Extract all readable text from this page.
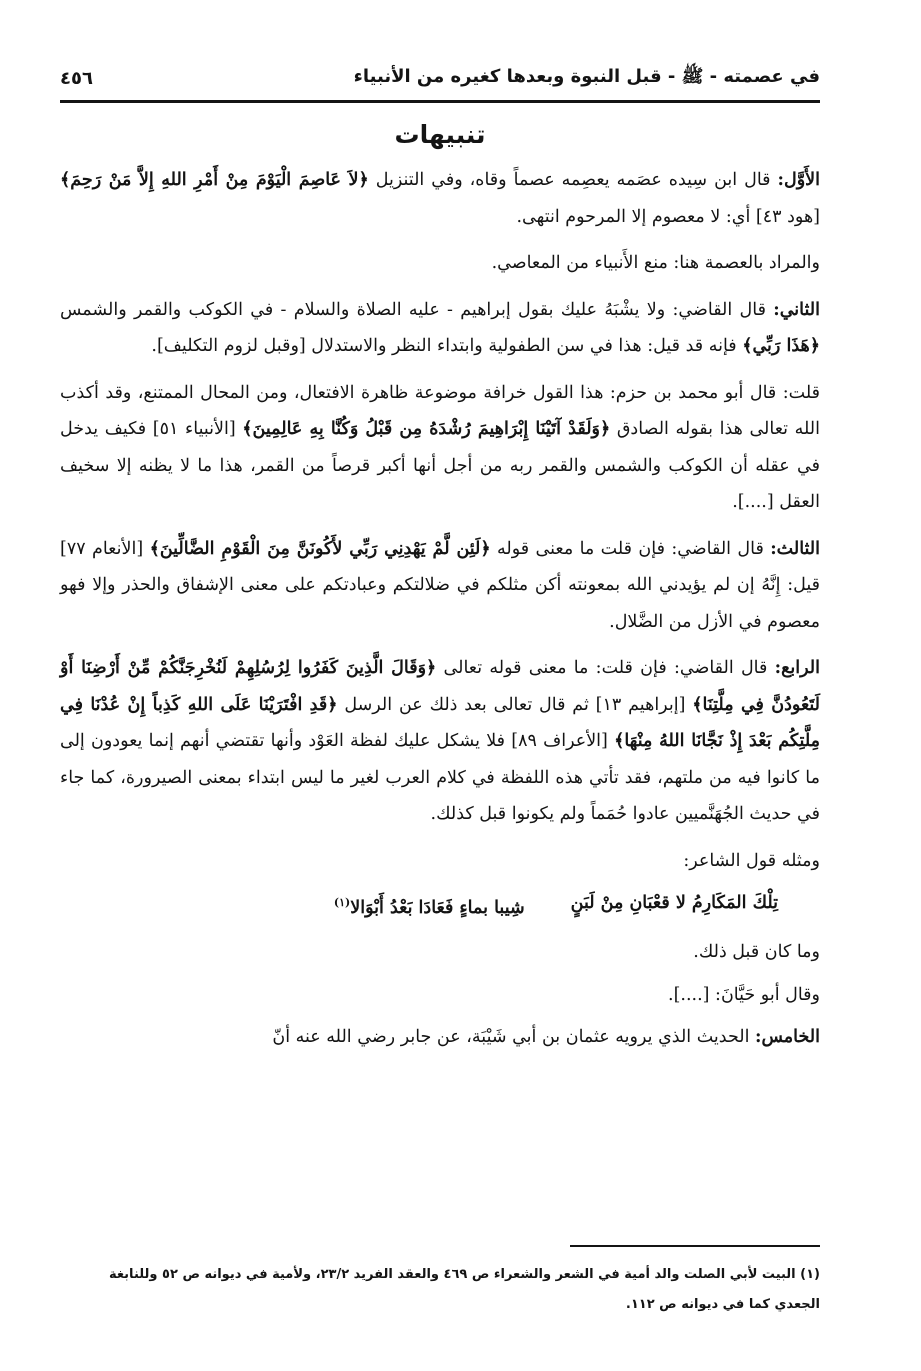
في عصمته - ﷺ - قبل النبوة وبعدها كغيره من الأنبياء
٤٥٦
تنبيهات

الأَوَّل: قال ابن سِيده عصَمه يعصِمه عصماً وقاه، وفي التنزيل ﴿لاَ عَاصِمَ الْيَوْمَ مِنْ أَمْرِ اللهِ إِلاَّ مَنْ رَحِمَ﴾ [هود ٤٣] أي: لا معصوم إلا المرحوم انتهى.

والمراد بالعصمة هنا: منع الأَنبياء من المعاصي.

الثاني: قال القاضي: ولا يشْبَهُ عليك بقول إبراهيم - عليه الصلاة والسلام - في الكوكب والقمر والشمس ﴿هَذَا رَبِّي﴾ فإنه قد قيل: هذا في سن الطفولية وابتداء النظر والاستدلال [وقبل لزوم التكليف].

قلت: قال أبو محمد بن حزم: هذا القول خرافة موضوعة ظاهرة الافتعال، ومن المحال الممتنع، وقد أكذب الله تعالى هذا بقوله الصادق ﴿وَلَقَدْ آتَيْنَا إِبْرَاهِيمَ رُشْدَهُ مِن قَبْلُ وَكُنَّا بِهِ عَالِمِينَ﴾ [الأنبياء ٥١] فكيف يدخل في عقله أن الكوكب والشمس والقمر ربه من أجل أنها أكبر قرصاً من القمر، هذا ما لا يظنه إلا سخيف العقل [....].

الثالث: قال القاضي: فإن قلت ما معنى قوله ﴿لَئِن لَّمْ يَهْدِنِي رَبِّي لأَكُونَنَّ مِنَ الْقَوْمِ الضَّالِّينَ﴾ [الأنعام ٧٧] قيل: إِنَّهُ إن لم يؤيدني الله بمعونته أكن مثلكم في ضلالتكم وعبادتكم على معنى الإشفاق والحذر وإلا فهو معصوم في الأزل من الضَّلال.

الرابع: قال القاضي: فإن قلت: ما معنى قوله تعالى ﴿وَقَالَ الَّذِينَ كَفَرُوا لِرُسُلِهِمْ لَنُخْرِجَنَّكُمْ مِّنْ أَرْضِنَا أَوْ لَتَعُودُنَّ فِي مِلَّتِنَا﴾ [إبراهيم ١٣] ثم قال تعالى بعد ذلك عن الرسل ﴿قَدِ افْتَرَيْنَا عَلَى اللهِ كَذِباً إِنْ عُدْنَا فِي مِلَّتِكُم بَعْدَ إِذْ نَجَّانَا اللهُ مِنْهَا﴾ [الأعراف ٨٩] فلا يشكل عليك لفظة العَوْد وأنها تقتضي أنهم إنما يعودون إلى ما كانوا فيه من ملتهم، فقد تأتي هذه اللفظة في كلام العرب لغير ما ليس ابتداء بمعنى الصيرورة، كما جاء في حديث الجُهَنَّميين عادوا حُمَماً ولم يكونوا قبل كذلك.

ومثله قول الشاعر:

تِلْكَ المَكَارِمُ لا قعْبَانِ مِنْ لَبَنٍ
شِيبا بماءٍ فَعَادَا بَعْدُ أَبْوَالا$^{(١)}$

وما كان قبل ذلك.

وقال أبو حَيَّانَ: [....].

الخامس: الحديث الذي يرويه عثمان بن أبي شَيْبَة، عن جابر رضي الله عنه أنّ

(١) البيت لأبي الصلت والد أمية في الشعر والشعراء ص ٤٦٩ والعقد الفريد ٢٣/٢، ولأمية في ديوانه ص ٥٢ وللنابغة

الجعدي كما في ديوانه ص ١١٢.
